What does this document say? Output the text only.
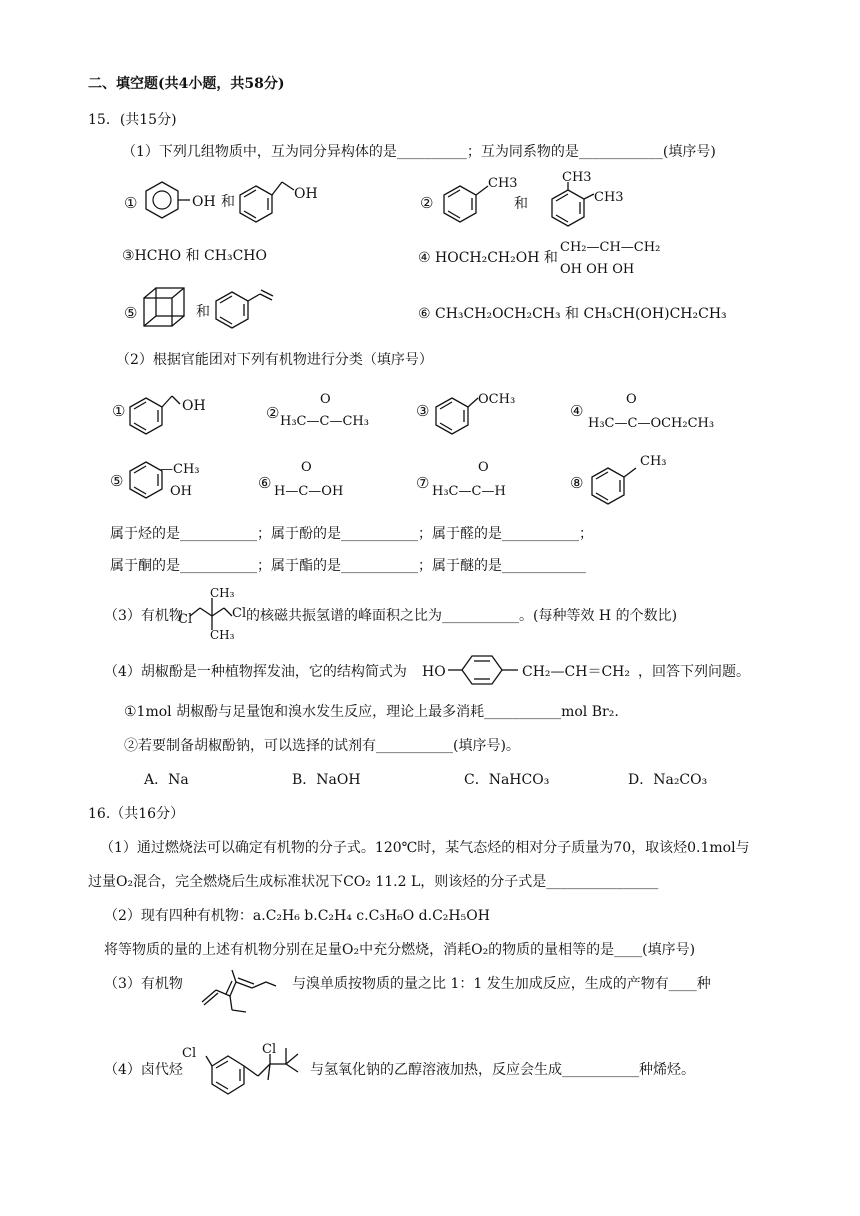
二、填空题(共4小题，共58分)
15．(共15分)
（1）下列几组物质中，互为同分异构体的是__________；互为同系物的是____________(填序号)
①	OH 和	OH	②
CH3
和
CH3
CH3
③HCHO 和 CH₃CHO	④ HOCH₂CH₂OH 和
CH₂—CH—CH₂
OH OH OH
⑤	和	⑥ CH₃CH₂OCH₂CH₃ 和 CH₃CH(OH)CH₂CH₃
（2）根据官能团对下列有机物进行分类（填序号）
①	OH	②
O
H₃C—C—CH₃
③
OCH₃
④
O
H₃C—C—OCH₂CH₃
⑤
—CH₃
OH	⑥
O
H—C—OH	⑦
O
H₃C—C—H	⑧
CH₃
属于烃的是___________；属于酚的是___________；属于醛的是___________；
属于酮的是___________；属于酯的是___________；属于醚的是____________
（3）有机物
CH₃
CH₃
Cl	Cl 的核磁共振氢谱的峰面积之比为___________。(每种等效 H 的个数比)
（4）胡椒酚是一种植物挥发油，它的结构简式为 HO	CH₂—CH＝CH₂ ，回答下列问题。
①1mol 胡椒酚与足量饱和溴水发生反应，理论上最多消耗___________mol Br₂.
②若要制备胡椒酚钠，可以选择的试剂有___________(填序号)。
A．Na	B．NaOH	C．NaHCO₃	D．Na₂CO₃
16.（共16分）
（1）通过燃烧法可以确定有机物的分子式。120℃时，某气态烃的相对分子质量为70，取该烃0.1mol与
过量O₂混合，完全燃烧后生成标准状况下CO₂ 11.2 L，则该烃的分子式是________________
（2）现有四种有机物：a.C₂H₆ b.C₂H₄ c.C₃H₆O d.C₂H₅OH
将等物质的量的上述有机物分别在足量O₂中充分燃烧，消耗O₂的物质的量相等的是____(填序号)
（3）有机物	与溴单质按物质的量之比 1：1 发生加成反应，生成的产物有____种
（4）卤代烃
Cl	Cl
与氢氧化钠的乙醇溶液加热，反应会生成___________种烯烃。
